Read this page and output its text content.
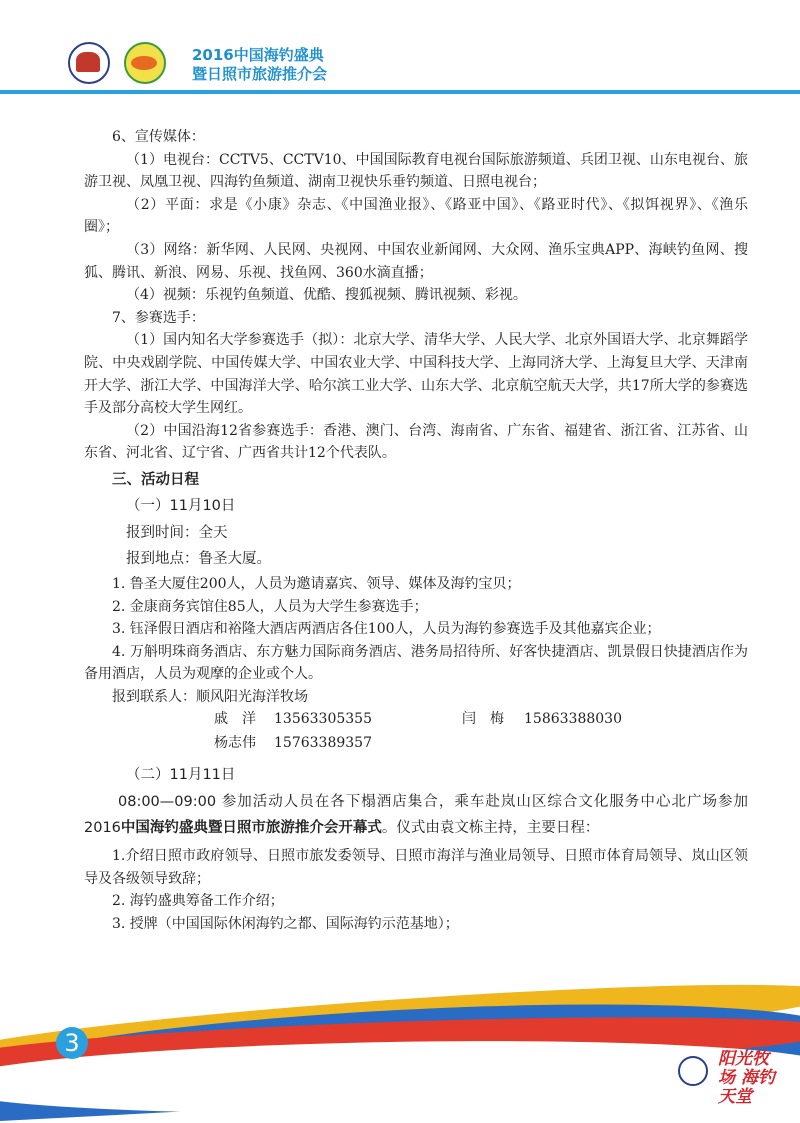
2016中国海钓盛典
暨日照市旅游推介会

6、宣传媒体：

（1）电视台：CCTV5、CCTV10、中国国际教育电视台国际旅游频道、兵团卫视、山东电视台、旅游卫视、凤凰卫视、四海钓鱼频道、湖南卫视快乐垂钓频道、日照电视台；

（2）平面：求是《小康》杂志、《中国渔业报》、《路亚中国》、《路亚时代》、《拟饵视界》、《渔乐圈》；

（3）网络：新华网、人民网、央视网、中国农业新闻网、大众网、渔乐宝典APP、海峡钓鱼网、搜狐、腾讯、新浪、网易、乐视、找鱼网、360水滴直播；

（4）视频：乐视钓鱼频道、优酷、搜狐视频、腾讯视频、彩视。

7、参赛选手：

（1）国内知名大学参赛选手（拟）：北京大学、清华大学、人民大学、北京外国语大学、北京舞蹈学院、中央戏剧学院、中国传媒大学、中国农业大学、中国科技大学、上海同济大学、上海复旦大学、天津南开大学、浙江大学、中国海洋大学、哈尔滨工业大学、山东大学、北京航空航天大学，共17所大学的参赛选手及部分高校大学生网红。

（2）中国沿海12省参赛选手：香港、澳门、台湾、海南省、广东省、福建省、浙江省、江苏省、山东省、河北省、辽宁省、广西省共计12个代表队。

三、活动日程

（一）11月10日

报到时间：全天

报到地点：鲁圣大厦。

1. 鲁圣大厦住200人，人员为邀请嘉宾、领导、媒体及海钓宝贝；

2. 金康商务宾馆住85人，人员为大学生参赛选手；

3. 钰泽假日酒店和裕隆大酒店两酒店各住100人，人员为海钓参赛选手及其他嘉宾企业；

4. 万斛明珠商务酒店、东方魅力国际商务酒店、港务局招待所、好客快捷酒店、凯景假日快捷酒店作为备用酒店，人员为观摩的企业或个人。

报到联系人：顺风阳光海洋牧场

戚　洋 13563305355	闫　梅 15863388030
杨志伟 15763389357

（二）11月11日

08:00—09:00 参加活动人员在各下榻酒店集合，乘车赴岚山区综合文化服务中心北广场参加2016中国海钓盛典暨日照市旅游推介会开幕式。仪式由袁文栋主持，主要日程：

1.介绍日照市政府领导、日照市旅发委领导、日照市海洋与渔业局领导、日照市体育局领导、岚山区领导及各级领导致辞；

2. 海钓盛典筹备工作介绍；

3. 授牌（中国国际休闲海钓之都、国际海钓示范基地）；

3
阳光牧场 海钓天堂
